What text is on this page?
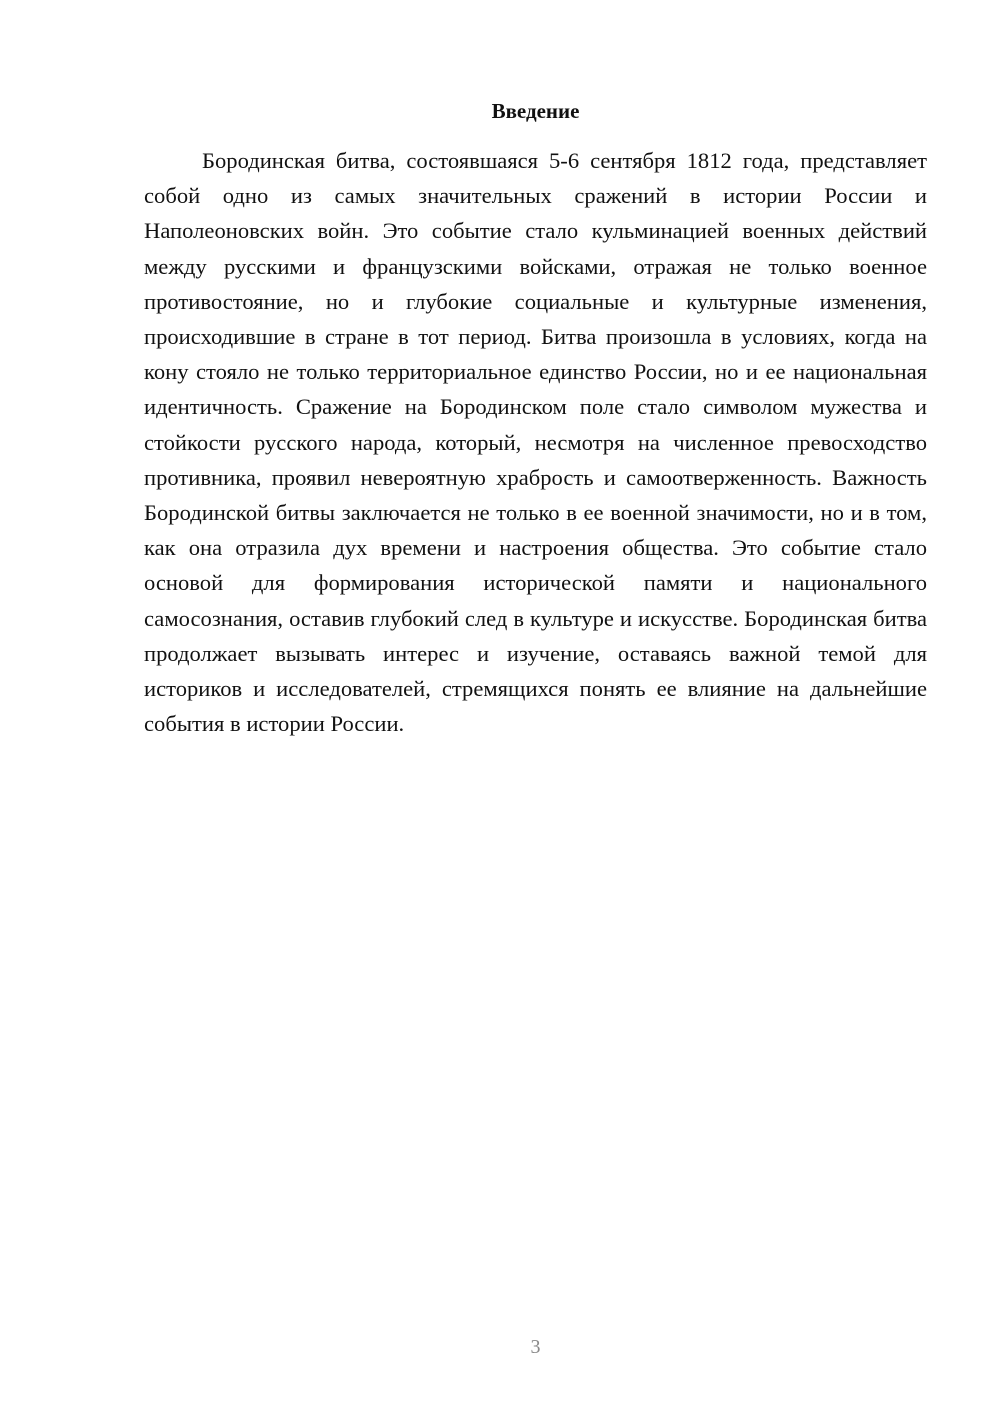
Введение

Бородинская битва, состоявшаяся 5-6 сентября 1812 года, представляет собой одно из самых значительных сражений в истории России и Наполеоновских войн. Это событие стало кульминацией военных действий между русскими и французскими войсками, отражая не только военное противостояние, но и глубокие социальные и культурные изменения, происходившие в стране в тот период. Битва произошла в условиях, когда на кону стояло не только территориальное единство России, но и ее национальная идентичность. Сражение на Бородинском поле стало символом мужества и стойкости русского народа, который, несмотря на численное превосходство противника, проявил невероятную храбрость и самоотверженность. Важность Бородинской битвы заключается не только в ее военной значимости, но и в том, как она отразила дух времени и настроения общества. Это событие стало основой для формирования исторической памяти и национального самосознания, оставив глубокий след в культуре и искусстве. Бородинская битва продолжает вызывать интерес и изучение, оставаясь важной темой для историков и исследователей, стремящихся понять ее влияние на дальнейшие события в истории России.

3
